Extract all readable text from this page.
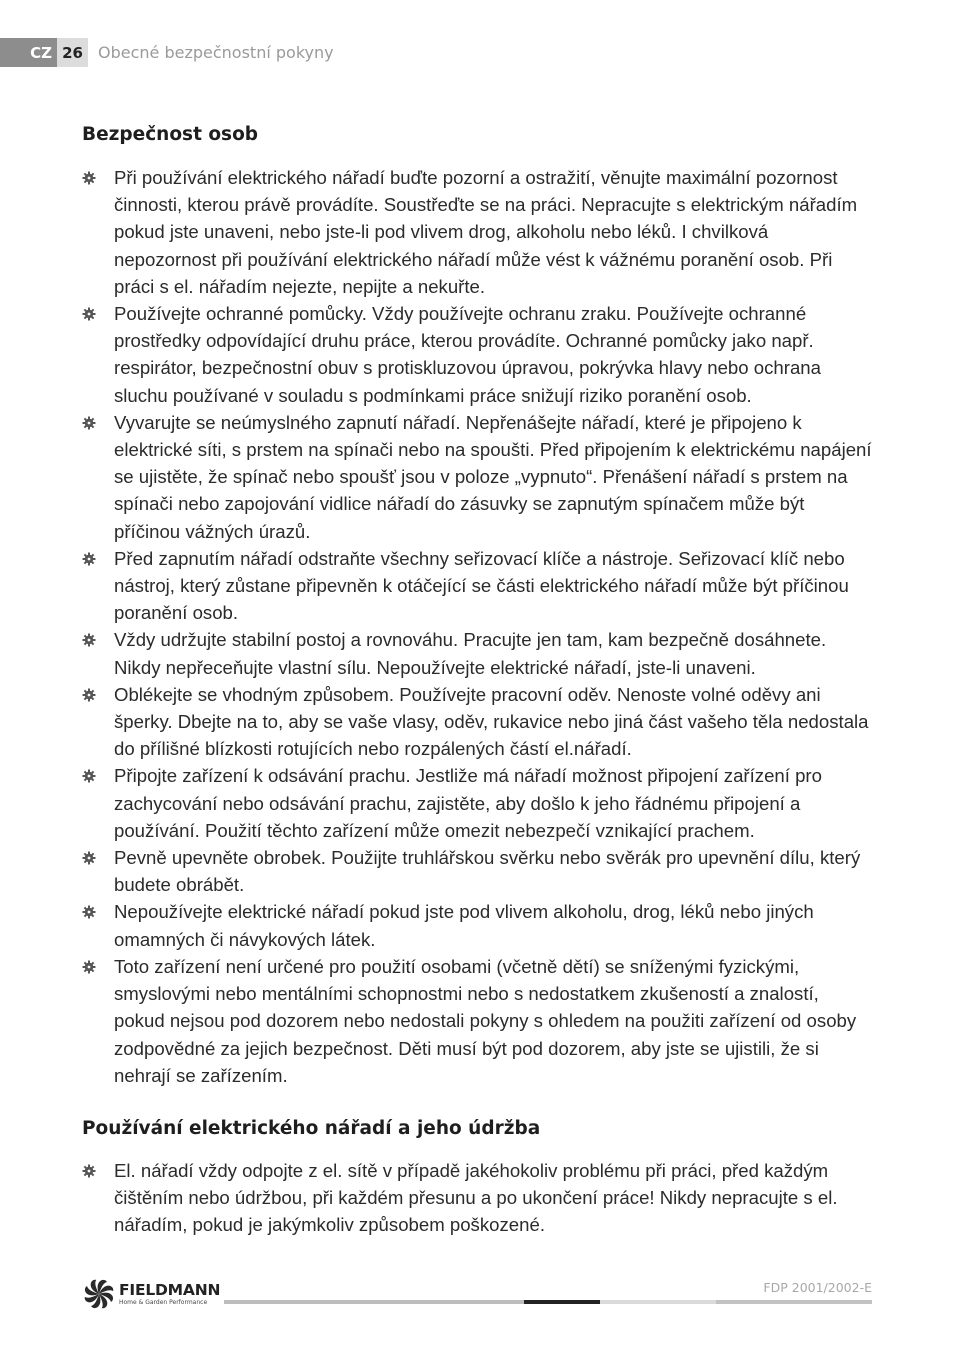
CZ 26 Obecné bezpečnostní pokyny
Bezpečnost osob
Při používání elektrického nářadí buďte pozorní a ostražití, věnujte maximální pozornost činnosti, kterou právě provádíte. Soustřeďte se na práci. Nepracujte s elektrickým nářadím pokud jste unaveni, nebo jste-li pod vlivem drog, alkoholu nebo léků. I chvilková nepozornost při používání elektrického nářadí může vést k vážnému poranění osob. Při práci s el. nářadím nejezte, nepijte a nekuřte.
Používejte ochranné pomůcky. Vždy používejte ochranu zraku. Používejte ochranné prostředky odpovídající druhu práce, kterou provádíte. Ochranné pomůcky jako např. respirátor, bezpečnostní obuv s protiskluzovou úpravou, pokrývka hlavy nebo ochrana sluchu používané v souladu s podmínkami práce snižují riziko poranění osob.
Vyvarujte se neúmyslného zapnutí nářadí. Nepřenášejte nářadí, které je připojeno k elektrické síti, s prstem na spínači nebo na spoušti. Před připojením k elektrickému napájení se ujistěte, že spínač nebo spoušť jsou v poloze „vypnuto“. Přenášení nářadí s prstem na spínači nebo zapojování vidlice nářadí do zásuvky se zapnutým spínačem může být příčinou vážných úrazů.
Před zapnutím nářadí odstraňte všechny seřizovací klíče a nástroje. Seřizovací klíč nebo nástroj, který zůstane připevněn k otáčející se části elektrického nářadí může být příčinou poranění osob.
Vždy udržujte stabilní postoj a rovnováhu. Pracujte jen tam, kam bezpečně dosáhnete. Nikdy nepřeceňujte vlastní sílu. Nepoužívejte elektrické nářadí, jste-li unaveni.
Oblékejte se vhodným způsobem. Používejte pracovní oděv. Nenoste volné oděvy ani šperky. Dbejte na to, aby se vaše vlasy, oděv, rukavice nebo jiná část vašeho těla nedostala do přílišné blízkosti rotujících nebo rozpálených částí el.nářadí.
Připojte zařízení k odsávání prachu. Jestliže má nářadí možnost připojení zařízení pro zachycování nebo odsávání prachu, zajistěte, aby došlo k jeho řádnému připojení a používání. Použití těchto zařízení může omezit nebezpečí vznikající prachem.
Pevně upevněte obrobek. Použijte truhlářskou svěrku nebo svěrák pro upevnění dílu, který budete obrábět.
Nepoužívejte elektrické nářadí pokud jste pod vlivem alkoholu, drog, léků nebo jiných omamných či návykových látek.
Toto zařízení není určené pro použití osobami (včetně dětí) se sníženými fyzickými, smyslovými nebo mentálními schopnostmi nebo s nedostatkem zkušeností a znalostí, pokud nejsou pod dozorem nebo nedostali pokyny s ohledem na použiti zařízení od osoby zodpovědné za jejich bezpečnost. Děti musí být pod dozorem, aby jste se ujistili, že si nehrají se zařízením.
Používání elektrického nářadí a jeho údržba
El. nářadí vždy odpojte z el. sítě v případě jakéhokoliv problému při práci, před každým čištěním nebo údržbou, při každém přesunu a po ukončení práce! Nikdy nepracujte s el. nářadím, pokud je jakýmkoliv způsobem poškozené.
FIELDMANN
Home & Garden Performance
FDP 2001/2002-E
